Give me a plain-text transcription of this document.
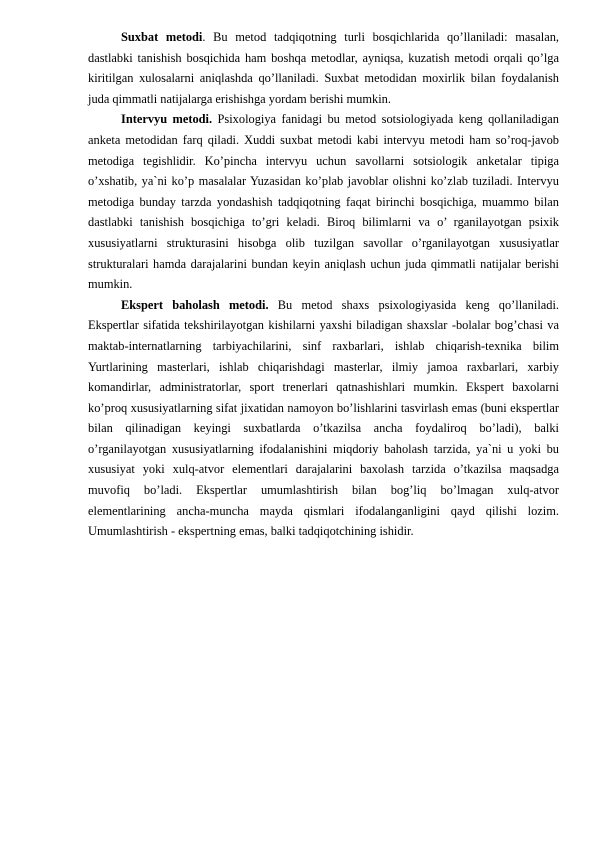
Suxbat metodi. Bu metod tadqiqotning turli bosqichlarida qo’llaniladi: masalan, dastlabki tanishish bosqichida ham boshqa metodlar, ayniqsa, kuzatish metodi orqali qo’lga kiritilgan xulosalarni aniqlashda qo’llaniladi. Suxbat metodidan moxirlik bilan foydalanish juda qimmatli natijalarga erishishga yordam berishi mumkin.

Intervyu metodi. Psixologiya fanidagi bu metod sotsiologiyada keng qollaniladigan anketa metodidan farq qiladi. Xuddi suxbat metodi kabi intervyu metodi ham so’roq-javob metodiga tegishlidir. Ko’pincha intervyu uchun savollarni sotsiologik anketalar tipiga o’xshatib, ya`ni ko’p masalalar Yuzasidan ko’plab javoblar olishni ko’zlab tuziladi. Intervyu metodiga bunday tarzda yondashish tadqiqotning faqat birinchi bosqichiga, muammo bilan dastlabki tanishish bosqichiga to’gri keladi. Biroq bilimlarni va o’ rganilayotgan psixik xususiyatlarni strukturasini hisobga olib tuzilgan savollar o’rganilayotgan xususiyatlar strukturalari hamda darajalarini bundan keyin aniqlash uchun juda qimmatli natijalar berishi mumkin.

Ekspert baholash metodi. Bu metod shaxs psixologiyasida keng qo’llaniladi. Ekspertlar sifatida tekshirilayotgan kishilarni yaxshi biladigan shaxslar -bolalar bog’chasi va maktab-internatlarning tarbiyachilarini, sinf raxbarlari, ishlab chiqarish-texnika bilim Yurtlarining masterlari, ishlab chiqarishdagi masterlar, ilmiy jamoa raxbarlari, xarbiy komandirlar, administratorlar, sport trenerlari qatnashishlari mumkin. Ekspert baxolarni ko’proq xususiyatlarning sifat jixatidan namoyon bo’lishlarini tasvirlash emas (buni ekspertlar bilan qilinadigan keyingi suxbatlarda o’tkazilsa ancha foydaliroq bo’ladi), balki o’rganilayotgan xususiyatlarning ifodalanishini miqdoriy baholash tarzida, ya`ni u yoki bu xususiyat yoki xulq-atvor elementlari darajalarini baxolash tarzida o’tkazilsa maqsadga muvofiq bo’ladi. Ekspertlar umumlashtirish bilan bog’liq bo’lmagan xulq-atvor elementlarining ancha-muncha mayda qismlari ifodalanganligini qayd qilishi lozim. Umumlashtirish - ekspertning emas, balki tadqiqotchining ishidir.
